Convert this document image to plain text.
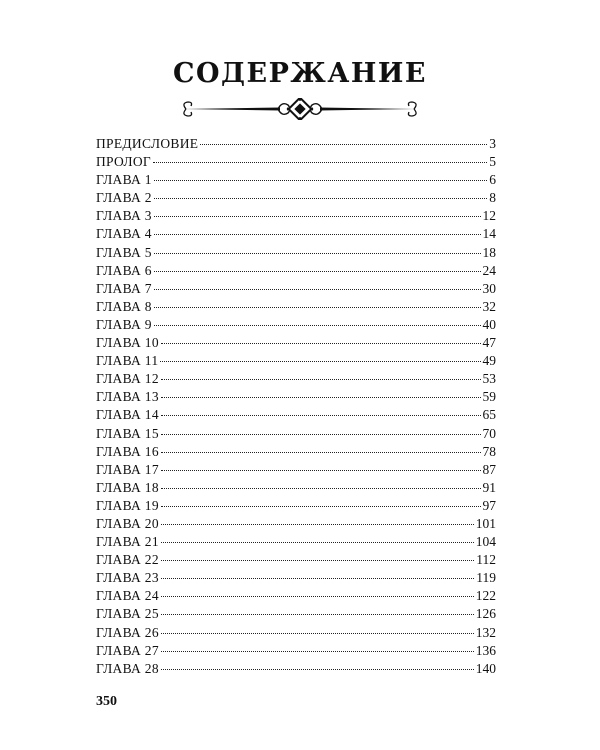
СОДЕРЖАНИЕ
ПРЕДИСЛОВИЕ	3
ПРОЛОГ	5
ГЛАВА 1	6
ГЛАВА 2	8
ГЛАВА 3	12
ГЛАВА 4	14
ГЛАВА 5	18
ГЛАВА 6	24
ГЛАВА 7	30
ГЛАВА 8	32
ГЛАВА 9	40
ГЛАВА 10	47
ГЛАВА 11	49
ГЛАВА 12	53
ГЛАВА 13	59
ГЛАВА 14	65
ГЛАВА 15	70
ГЛАВА 16	78
ГЛАВА 17	87
ГЛАВА 18	91
ГЛАВА 19	97
ГЛАВА 20	101
ГЛАВА 21	104
ГЛАВА 22	112
ГЛАВА 23	119
ГЛАВА 24	122
ГЛАВА 25	126
ГЛАВА 26	132
ГЛАВА 27	136
ГЛАВА 28	140
350
